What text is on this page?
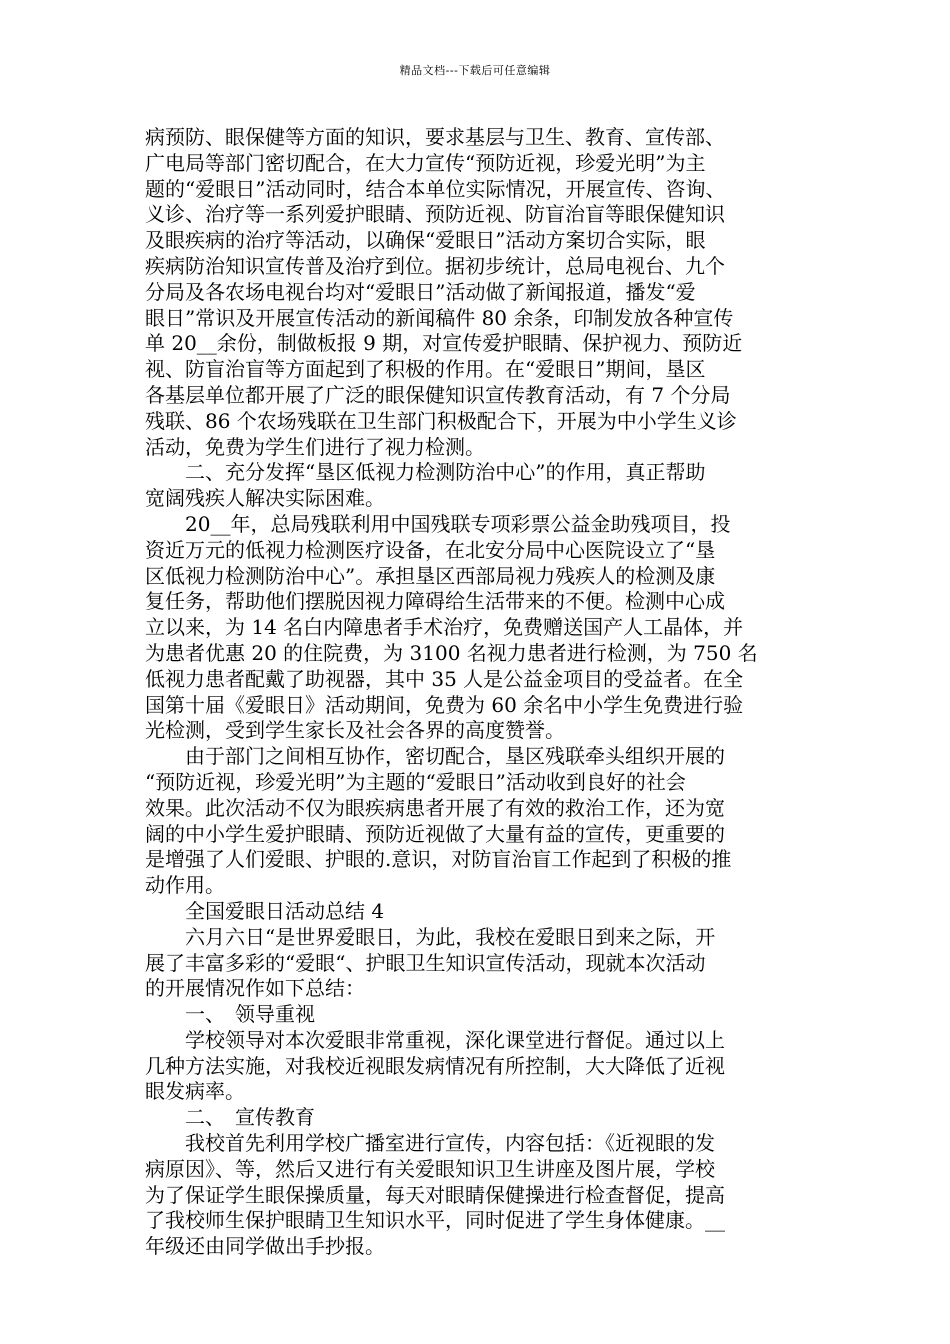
精品文档---下载后可任意编辑
病预防、眼保健等方面的知识，要求基层与卫生、教育、宣传部、
广电局等部门密切配合，在大力宣传“预防近视，珍爱光明”为主
题的“爱眼日”活动同时，结合本单位实际情况，开展宣传、咨询、
义诊、治疗等一系列爱护眼睛、预防近视、防盲治盲等眼保健知识
及眼疾病的治疗等活动，以确保“爱眼日”活动方案切合实际，眼
疾病防治知识宣传普及治疗到位。据初步统计，总局电视台、九个
分局及各农场电视台均对“爱眼日”活动做了新闻报道，播发“爱
眼日”常识及开展宣传活动的新闻稿件 80 余条，印制发放各种宣传
单 20__余份，制做板报 9 期，对宣传爱护眼睛、保护视力、预防近
视、防盲治盲等方面起到了积极的作用。在“爱眼日”期间，垦区
各基层单位都开展了广泛的眼保健知识宣传教育活动，有 7 个分局
残联、86 个农场残联在卫生部门积极配合下，开展为中小学生义诊
活动，免费为学生们进行了视力检测。
　　二、充分发挥“垦区低视力检测防治中心”的作用，真正帮助
宽阔残疾人解决实际困难。
　　20__年，总局残联利用中国残联专项彩票公益金助残项目，投
资近万元的低视力检测医疗设备，在北安分局中心医院设立了“垦
区低视力检测防治中心”。承担垦区西部局视力残疾人的检测及康
复任务，帮助他们摆脱因视力障碍给生活带来的不便。检测中心成
立以来，为 14 名白内障患者手术治疗，免费赠送国产人工晶体，并
为患者优惠 20 的住院费，为 3100 名视力患者进行检测，为 750 名
低视力患者配戴了助视器，其中 35 人是公益金项目的受益者。在全
国第十届《爱眼日》活动期间，免费为 60 余名中小学生免费进行验
光检测，受到学生家长及社会各界的高度赞誉。
　　由于部门之间相互协作，密切配合，垦区残联牵头组织开展的
“预防近视，珍爱光明”为主题的“爱眼日”活动收到良好的社会
效果。此次活动不仅为眼疾病患者开展了有效的救治工作，还为宽
阔的中小学生爱护眼睛、预防近视做了大量有益的宣传，更重要的
是增强了人们爱眼、护眼的.意识，对防盲治盲工作起到了积极的推
动作用。
　　全国爱眼日活动总结 4
　　六月六日“是世界爱眼日，为此，我校在爱眼日到来之际，开
展了丰富多彩的“爱眼“、护眼卫生知识宣传活动，现就本次活动
的开展情况作如下总结：
　　一、　领导重视
　　学校领导对本次爱眼非常重视，深化课堂进行督促。通过以上
几种方法实施，对我校近视眼发病情况有所控制，大大降低了近视
眼发病率。
　　二、　宣传教育
　　我校首先利用学校广播室进行宣传，内容包括：《近视眼的发
病原因》、等，然后又进行有关爱眼知识卫生讲座及图片展，学校
为了保证学生眼保操质量，每天对眼睛保健操进行检查督促，提高
了我校师生保护眼睛卫生知识水平，同时促进了学生身体健康。__
年级还由同学做出手抄报。
